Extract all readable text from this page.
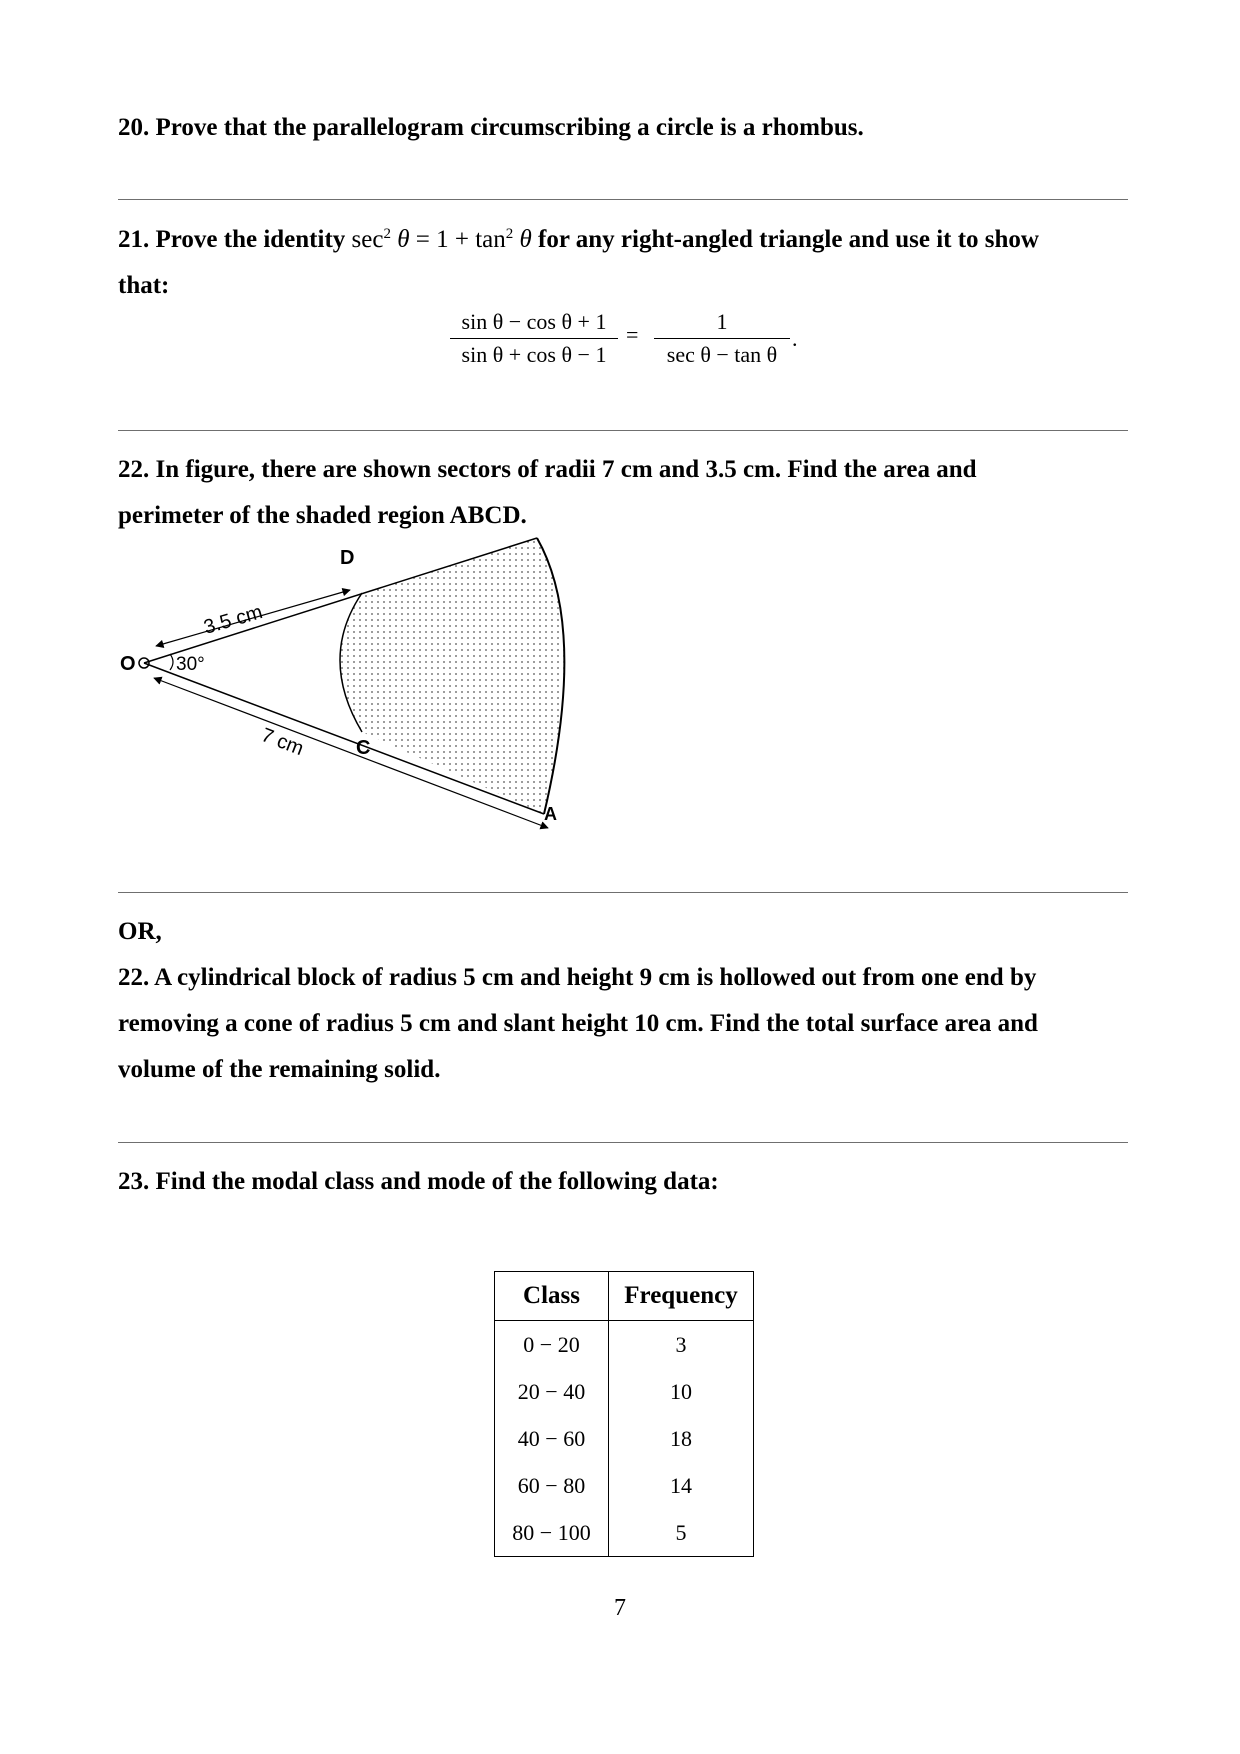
20. Prove that the parallelogram circumscribing a circle is a rhombus.
21. Prove the identity $\sec^2 \theta = 1 + \tan^2 \theta$ for any right-angled triangle and use it to show
that:
sin θ − cos θ + 1
sin θ + cos θ − 1
=
1
sec θ − tan θ
.
22. In figure, there are shown sectors of radii 7 cm and 3.5 cm. Find the area and
perimeter of the shaded region ABCD.
O
D
C
A
30°
3.5 cm
7 cm
OR,
22. A cylindrical block of radius 5 cm and height 9 cm is hollowed out from one end by
removing a cone of radius 5 cm and slant height 10 cm. Find the total surface area and
volume of the remaining solid.
23. Find the modal class and mode of the following data:
Class	Frequency
0 − 20	3
20 − 40	10
40 − 60	18
60 − 80	14
80 − 100	5
7
